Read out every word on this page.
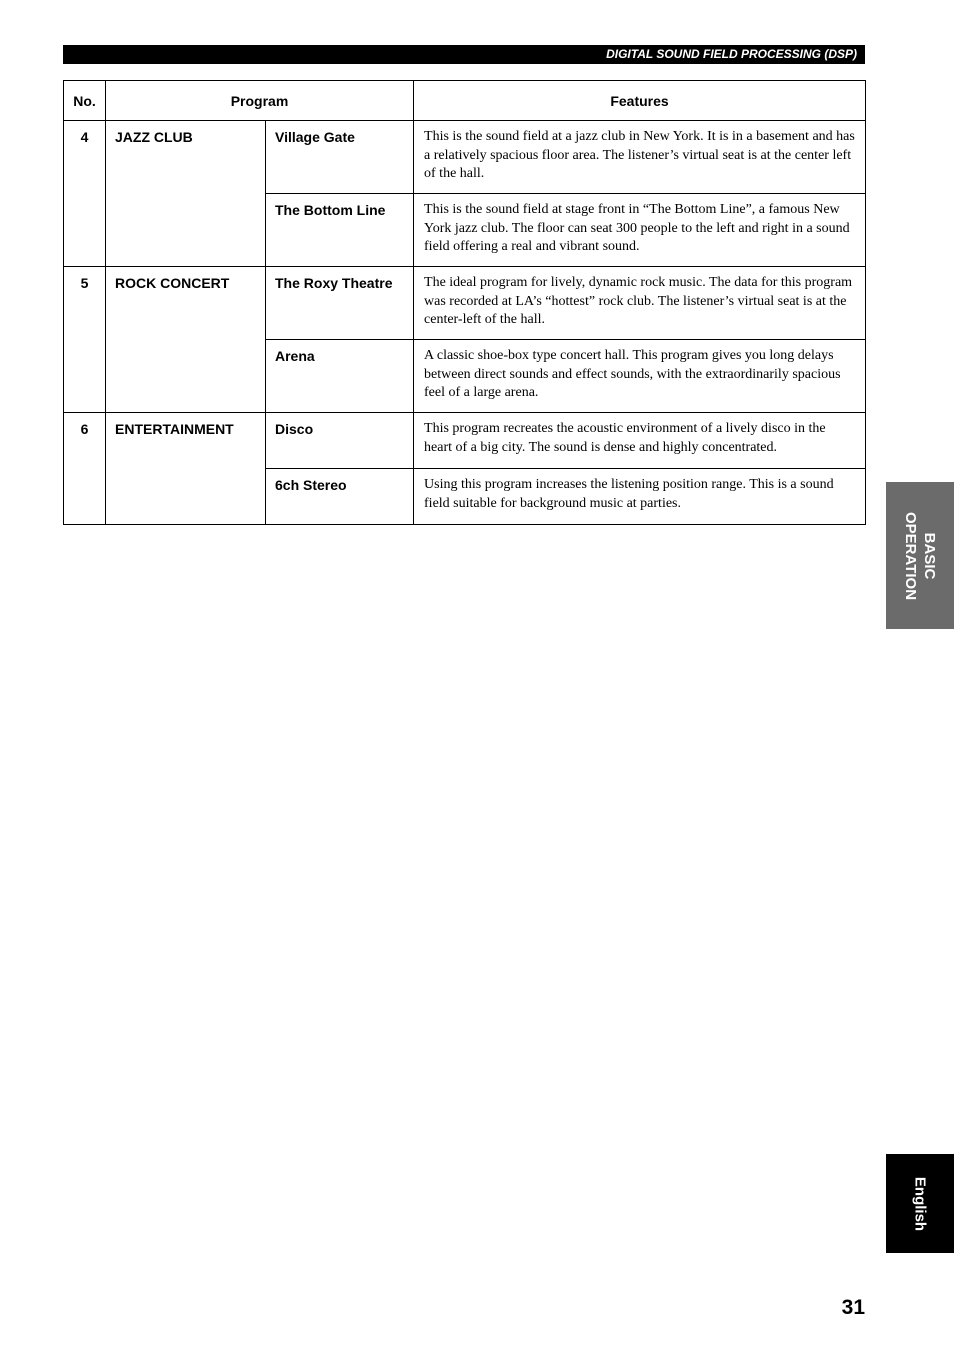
DIGITAL SOUND FIELD PROCESSING (DSP)
No.	Program		Features
4	JAZZ CLUB	Village Gate	This is the sound field at a jazz club in New York. It is in a basement and has a relatively spacious floor area. The listener’s virtual seat is at the center left of the hall.
		The Bottom Line	This is the sound field at stage front in “The Bottom Line”, a famous New York jazz club. The floor can seat 300 people to the left and right in a sound field offering a real and vibrant sound.
5	ROCK CONCERT	The Roxy Theatre	The ideal program for lively, dynamic rock music. The data for this program was recorded at LA’s “hottest” rock club. The listener’s virtual seat is at the center-left of the hall.
		Arena	A classic shoe-box type concert hall. This program gives you long delays between direct sounds and effect sounds, with the extraordinarily spacious feel of a large arena.
6	ENTERTAINMENT	Disco	This program recreates the acoustic environment of a lively disco in the heart of a big city. The sound is dense and highly concentrated.
		6ch Stereo	Using this program increases the listening position range. This is a sound field suitable for background music at parties.
BASIC
OPERATION
English
31
